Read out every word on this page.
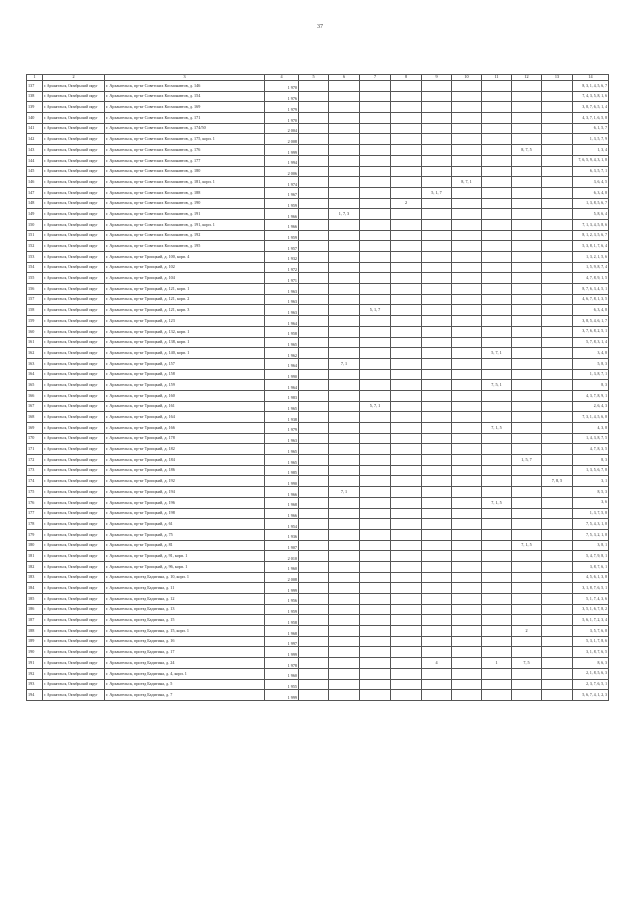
37
1	2	3	4	5	6	7	8	9	10	11	12	13	14
137	г. Архангельск, Октябрьский округ	г. Архангельск, пр-кт Советских Космонавтов, д. 146	1 970										8, 3, 1, 4, 5, 6, 7
138	г. Архангельск, Октябрьский округ	г. Архангельск, пр-кт Советских Космонавтов, д. 154	1 976										7, 4, 3, 5, 8, 1, 6
139	г. Архангельск, Октябрьский округ	г. Архангельск, пр-кт Советских Космонавтов, д. 169	1 979										3, 8, 7, 6, 5, 1, 4
140	г. Архангельск, Октябрьский округ	г. Архангельск, пр-кт Советских Космонавтов, д. 171	1 970										4, 3, 7, 1, 6, 5, 8
141	г. Архангельск, Октябрьский округ	г. Архангельск, пр-кт Советских Космонавтов, д. 174/50	2 004										6, 1, 5, 7
142	г. Архангельск, Октябрьский округ	г. Архангельск, пр-кт Советских Космонавтов, д. 175, корп. 1	2 008										1, 3, 5, 7, 9
143	г. Архангельск, Октябрьский округ	г. Архангельск, пр-кт Советских Космонавтов, д. 176	1 999								8, 7, 5		1, 3, 4
144	г. Архангельск, Октябрьский округ	г. Архангельск, пр-кт Советских Космонавтов, д. 177	1 994										7, 6, 5, 9, 4, 3, 1, 8
145	г. Архангельск, Октябрьский округ	г. Архангельск, пр-кт Советских Космонавтов, д. 180	2 006										6, 3, 5, 7, 1
146	г. Архангельск, Октябрьский округ	г. Архангельск, пр-кт Советских Космонавтов, д. 181, корп. 1	1 974						8, 7, 1				3, 6, 4, 5
147	г. Архангельск, Октябрьский округ	г. Архангельск, пр-кт Советских Космонавтов, д. 188	1 967					5, 1, 7					6, 3, 4, 8
148	г. Архангельск, Октябрьский округ	г. Архангельск, пр-кт Советских Космонавтов, д. 190	1 959				2						1, 3, 8, 5, 6, 7
149	г. Архангельск, Октябрьский округ	г. Архангельск, пр-кт Советских Космонавтов, д. 191	1 966		1, 7, 3								5, 8, 6, 4
150	г. Архангельск, Октябрьский округ	г. Архангельск, пр-кт Советских Космонавтов, д. 191, корп. 1	1 966										7, 1, 3, 4, 5, 8, 6
151	г. Архангельск, Октябрьский округ	г. Архангельск, пр-кт Советских Космонавтов, д. 192	1 959										8, 1, 2, 3, 5, 6, 7
152	г. Архангельск, Октябрьский округ	г. Архангельск, пр-кт Советских Космонавтов, д. 195	1 957										5, 3, 8, 1, 7, 6, 4
153	г. Архангельск, Октябрьский округ	г. Архангельск, пр-кт Троицкий, д. 100, корп. 4	1 932										1, 3, 2, 1, 5, 6
154	г. Архангельск, Октябрьский округ	г. Архангельск, пр-кт Троицкий, д. 102	1 972										1, 5, 9, 8, 7, 4
155	г. Архангельск, Октябрьский округ	г. Архангельск, пр-кт Троицкий, д. 104	1 971										4, 7, 8, 9, 1, 5
156	г. Архангельск, Октябрьский округ	г. Архангельск, пр-кт Троицкий, д. 121, корп. 1	1 963										8, 7, 6, 3, 4, 5, 1
157	г. Архангельск, Октябрьский округ	г. Архангельск, пр-кт Троицкий, д. 121, корп. 2	1 963										4, 6, 7, 8, 1, 3, 5
158	г. Архангельск, Октябрьский округ	г. Архангельск, пр-кт Троицкий, д. 121, корп. 3	1 963			5, 1, 7							6, 3, 4, 8
159	г. Архангельск, Октябрьский округ	г. Архангельск, пр-кт Троицкий, д. 123	1 964										3, 8, 5, 4, 6, 1, 7
160	г. Архангельск, Октябрьский округ	г. Архангельск, пр-кт Троицкий, д. 132, корп. 1	1 958										3, 7, 6, 8, 2, 5, 1
161	г. Архангельск, Октябрьский округ	г. Архангельск, пр-кт Троицкий, д. 138, корп. 1	1 965										5, 7, 8, 3, 1, 4
162	г. Архангельск, Октябрьский округ	г. Архангельск, пр-кт Троицкий, д. 140, корп. 1	1 962							5, 7, 1			3, 4, 8
163	г. Архангельск, Октябрьский округ	г. Архангельск, пр-кт Троицкий, д. 157	1 964		7, 1								5, 8, 3
164	г. Архангельск, Октябрьский округ	г. Архангельск, пр-кт Троицкий, д. 158	1 990										1, 3, 8, 7, 1
165	г. Архангельск, Октябрьский округ	г. Архангельск, пр-кт Троицкий, д. 159	1 964							7, 5, 1			8, 3
166	г. Архангельск, Октябрьский округ	г. Архангельск, пр-кт Троицкий, д. 160	1 983										4, 3, 7, 8, 9, 1
167	г. Архангельск, Октябрьский округ	г. Архангельск, пр-кт Троицкий, д. 161	1 965			5, 7, 1							2, 6, 4, 3
168	г. Архангельск, Октябрьский округ	г. Архангельск, пр-кт Троицкий, д. 164	1 938										7, 3, 1, 4, 5, 6, 8
169	г. Архангельск, Октябрьский округ	г. Архангельск, пр-кт Троицкий, д. 166	1 979							7, 1, 5			4, 3, 8
170	г. Архангельск, Октябрьский округ	г. Архангельск, пр-кт Троицкий, д. 178	1 963										1, 4, 3, 8, 7, 5
171	г. Архангельск, Октябрьский округ	г. Архангельск, пр-кт Троицкий, д. 182	1 965										4, 7, 8, 3, 5
172	г. Архангельск, Октябрьский округ	г. Архангельск, пр-кт Троицкий, д. 184	1 965								1, 5, 7		8, 3
173	г. Архангельск, Октябрьский округ	г. Архангельск, пр-кт Троицкий, д. 186	1 985										1, 3, 5, 6, 7, 8
174	г. Архангельск, Октябрьский округ	г. Архангельск, пр-кт Троицкий, д. 192	1 990									7, 8, 5	3, 1
175	г. Архангельск, Октябрьский округ	г. Архангельск, пр-кт Троицкий, д. 194	1 966		7, 1								8, 5, 3
176	г. Архангельск, Октябрьский округ	г. Архангельск, пр-кт Троицкий, д. 196	1 968							7, 1, 5			3, 6
177	г. Архангельск, Октябрьский округ	г. Архангельск, пр-кт Троицкий, д. 198	1 966										1, 3, 7, 5, 8
178	г. Архангельск, Октябрьский округ	г. Архангельск, пр-кт Троицкий, д. 61	1 954										7, 5, 4, 3, 1, 8
179	г. Архангельск, Октябрьский округ	г. Архангельск, пр-кт Троицкий, д. 75	1 936										7, 5, 3, 2, 1, 8
180	г. Архангельск, Октябрьский округ	г. Архангельск, пр-кт Троицкий, д. 81	1 907								7, 1, 5		3, 8, 1
181	г. Архангельск, Октябрьский округ	г. Архангельск, пр-кт Троицкий, д. 91, корп. 1	2 010										5, 4, 7, 9, 8, 1
182	г. Архангельск, Октябрьский округ	г. Архангельск, пр-кт Троицкий, д. 96, корп. 1	1 960										3, 8, 7, 6, 1
183	г. Архангельск, Октябрьский округ	г. Архангельск, проезд Бадигина, д. 10, корп. 1	2 008										4, 5, 6, 1, 3, 8
184	г. Архангельск, Октябрьский округ	г. Архангельск, проезд Бадигина, д. 11	1 999										3, 1, 8, 7, 6, 5, 1
185	г. Архангельск, Октябрьский округ	г. Архангельск, проезд Бадигина, д. 12	1 956										5, 1, 7, 4, 3, 6
186	г. Архангельск, Октябрьский округ	г. Архангельск, проезд Бадигина, д. 13	1 959										3, 5, 1, 6, 7, 8, 2
187	г. Архангельск, Октябрьский округ	г. Архангельск, проезд Бадигина, д. 15	1 958										5, 6, 1, 7, 2, 3, 4
188	г. Архангельск, Октябрьский округ	г. Архангельск, проезд Бадигина, д. 15, корп. 1	1 968								2		3, 5, 7, 6, 8
189	г. Архангельск, Октябрьский округ	г. Архангельск, проезд Бадигина, д. 16	1 997										5, 3, 1, 7, 8, 6
190	г. Архангельск, Октябрьский округ	г. Архангельск, проезд Бадигина, д. 17	1 999										3, 1, 8, 7, 6, 5
191	г. Архангельск, Октябрьский округ	г. Архангельск, проезд Бадигина, д. 24	1 978					4		1	7, 5		8, 6, 3
192	г. Архангельск, Октябрьский округ	г. Архангельск, проезд Бадигина, д. 4, корп. 1	1 960										2, 1, 8, 5, 6, 3
193	г. Архангельск, Октябрьский округ	г. Архангельск, проезд Бадигина, д. 5	1 955										2, 3, 7, 6, 5, 1
194	г. Архангельск, Октябрьский округ	г. Архангельск, проезд Бадигина, д. 7	1 999										5, 6, 7, 4, 1, 2, 3
